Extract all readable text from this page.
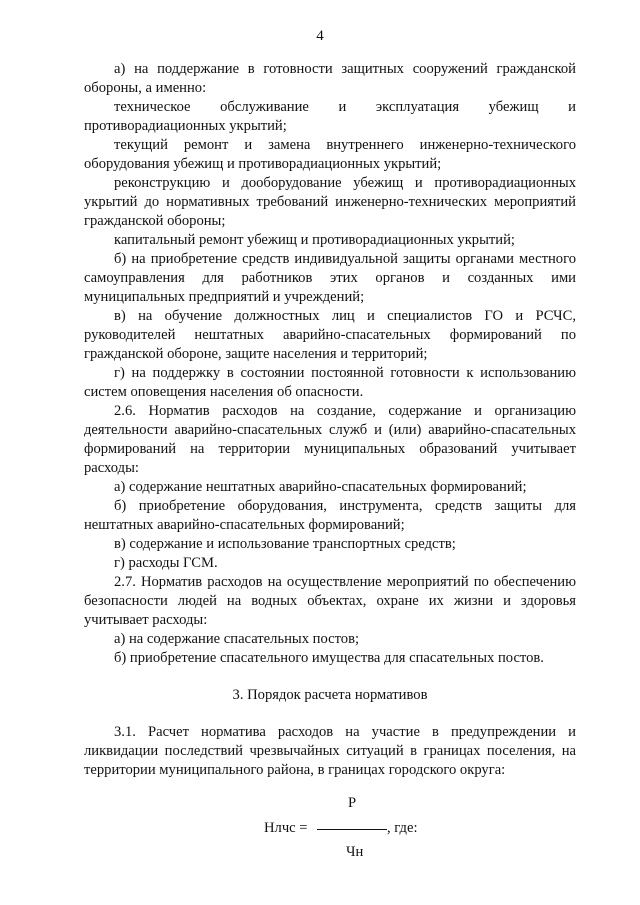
4

а) на поддержание в готовности защитных сооружений гражданской обороны, а именно:

техническое обслуживание и эксплуатация убежищ и противорадиационных укрытий;

текущий ремонт и замена внутреннего инженерно-технического оборудования убежищ и противорадиационных укрытий;

реконструкцию и дооборудование убежищ и противорадиационных укрытий до нормативных требований инженерно-технических мероприятий гражданской обороны;

капитальный ремонт убежищ и противорадиационных укрытий;

б) на приобретение средств индивидуальной защиты органами местного самоуправления для работников этих органов и созданных ими муниципальных предприятий и учреждений;

в) на обучение должностных лиц и специалистов ГО и РСЧС, руководителей нештатных аварийно-спасательных формирований по гражданской обороне, защите населения и территорий;

г) на поддержку в состоянии постоянной готовности к использованию систем оповещения населения об опасности.

2.6. Норматив расходов на создание, содержание и организацию деятельности аварийно-спасательных служб и (или) аварийно-спасательных формирований на территории муниципальных образований учитывает расходы:

а) содержание нештатных аварийно-спасательных формирований;

б) приобретение оборудования, инструмента, средств защиты для нештатных аварийно-спасательных формирований;

в) содержание и использование транспортных средств;

г) расходы ГСМ.

2.7. Норматив расходов на осуществление мероприятий по обеспечению безопасности людей на водных объектах, охране их жизни и здоровья учитывает расходы:

а) на содержание спасательных постов;

б) приобретение спасательного имущества для спасательных постов.

3. Порядок расчета нормативов

3.1. Расчет норматива расходов на участие в предупреждении и ликвидации последствий чрезвычайных ситуаций в границах поселения, на территории муниципального района, в границах городского округа:

Р
Нлчс =	, где:
Чн
